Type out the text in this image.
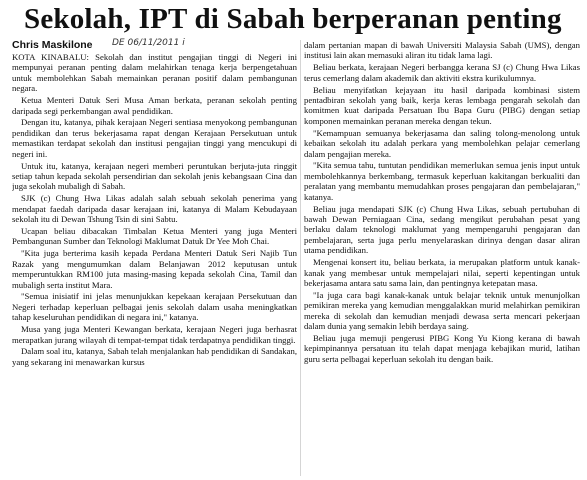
Sekolah, IPT di Sabah berperanan penting
Chris Maskilone	DE 06/11/2011 i

KOTA KINABALU: Sekolah dan institut pengajian tinggi di Negeri ini mempunyai peranan penting dalam melahirkan tenaga kerja berpengetahuan untuk membolehkan Sabah memainkan peranan positif dalam pembangunan negara.

Ketua Menteri Datuk Seri Musa Aman berkata, peranan sekolah penting daripada segi perkembangan awal pendidikan.

Dengan itu, katanya, pihak kerajaan Negeri sentiasa menyokong pembangunan pendidikan dan terus bekerjasama rapat dengan Kerajaan Persekutuan untuk memastikan terdapat sekolah dan institusi pengajian tinggi yang mencukupi di negeri ini.

Untuk itu, katanya, kerajaan negeri memberi peruntukan berjuta-juta ringgit setiap tahun kepada sekolah persendirian dan sekolah jenis kebangsaan Cina dan juga sekolah mubaligh di Sabah.

SJK (c) Chung Hwa Likas adalah salah sebuah sekolah penerima yang mendapat faedah daripada dasar kerajaan ini, katanya di Malam Kebudayaan sekolah itu di Dewan Tshung Tsin di sini Sabtu.

Ucapan beliau dibacakan Timbalan Ketua Menteri yang juga Menteri Pembangunan Sumber dan Teknologi Maklumat Datuk Dr Yee Moh Chai.

"Kita juga berterima kasih kepada Perdana Menteri Datuk Seri Najib Tun Razak yang mengumumkan dalam Belanjawan 2012 keputusan untuk memperuntukkan RM100 juta masing-masing kepada sekolah Cina, Tamil dan mubaligh serta institut Mara.

"Semua inisiatif ini jelas menunjukkan kepekaan kerajaan Persekutuan dan Negeri terhadap keperluan pelbagai jenis sekolah dalam usaha meningkatkan tahap keseluruhan pendidikan di negara ini," katanya.

Musa yang juga Menteri Kewangan berkata, kerajaan Negeri juga berhasrat merapatkan jurang wilayah di tempat-tempat tidak terdapatnya pendidikan tinggi.

Dalam soal itu, katanya, Sabah telah menjalankan hab pendidikan di Sandakan, yang sekarang ini menawarkan kursus

dalam pertanian mapan di bawah Universiti Malaysia Sabah (UMS), dengan institusi lain akan memasuki aliran itu tidak lama lagi.

Beliau berkata, kerajaan Negeri berbangga kerana SJ (c) Chung Hwa Likas terus cemerlang dalam akademik dan aktiviti ekstra kurikulumnya.

Beliau menyifatkan kejayaan itu hasil daripada kombinasi sistem pentadbiran sekolah yang baik, kerja keras lembaga pengarah sekolah dan komitmen kuat daripada Persatuan Ibu Bapa Guru (PIBG) dengan setiap komponen memainkan peranan mereka dengan tekun.

"Kemampuan semuanya bekerjasama dan saling tolong-menolong untuk kebaikan sekolah itu adalah perkara yang membolehkan pelajar cemerlang dalam pengajian mereka.

"Kita semua tahu, tuntutan pendidikan memerlukan semua jenis input untuk membolehkannya berkembang, termasuk keperluan kakitangan berkualiti dan peralatan yang membantu memudahkan proses pengajaran dan pembelajaran," katanya.

Beliau juga mendapati SJK (c) Chung Hwa Likas, sebuah pertubuhan di bawah Dewan Perniagaan Cina, sedang mengikut perubahan pesat yang berlaku dalam teknologi maklumat yang mempengaruhi pengajaran dan pembelajaran, serta juga perlu menyelaraskan dirinya dengan dasar aliran utama pendidikan.

Mengenai konsert itu, beliau berkata, ia merupakan platform untuk kanak-kanak yang membesar untuk mempelajari nilai, seperti kepentingan untuk bekerjasama antara satu sama lain, dan pentingnya ketepatan masa.

"Ia juga cara bagi kanak-kanak untuk belajar teknik untuk menunjolkan pemikiran mereka yang kemudian menggalakkan murid melahirkan pemikiran mereka di sekolah dan kemudian menjadi dewasa serta mencari pekerjaan dalam dunia yang semakin lebih berdaya saing.

Beliau juga memuji pengerusi PIBG Kong Yu Kiong kerana di bawah kepimpinannya persatuan itu telah dapat menjaga kebajikan murid, latihan guru serta pelbagai keperluan sekolah itu dengan baik.
